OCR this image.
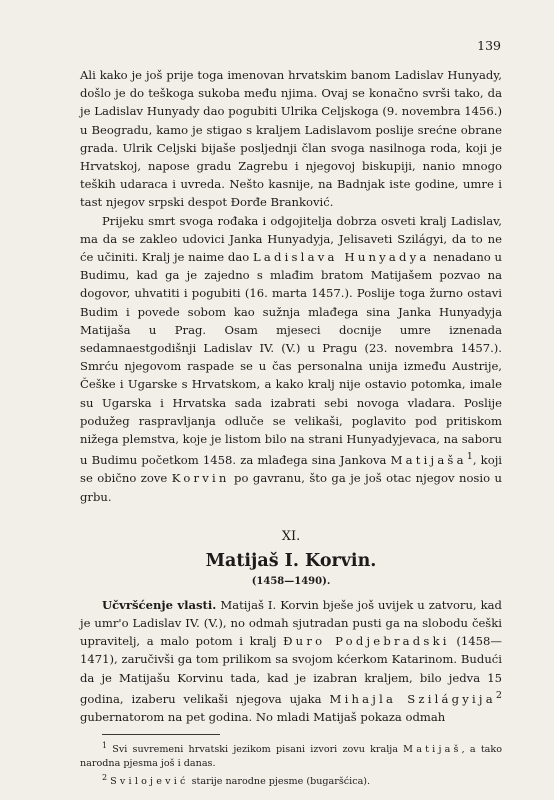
139

Ali kako je još prije toga imenovan hrvatskim banom Ladislav Hunyady, došlo je do teškoga sukoba među njima. Ovaj se konačno svrši tako, da je Ladislav Hunyady dao pogubiti Ulrika Celjskoga (9. novembra 1456.) u Beogradu, kamo je stigao s kraljem Ladislavom poslije srećne obrane grada. Ulrik Celjski bijaše posljednji član svoga nasilnoga roda, koji je Hrvatskoj, napose gradu Zagrebu i njegovoj biskupiji, nanio mnogo teških udaraca i uvreda. Nešto kasnije, na Badnjak iste godine, umre i tast njegov srpski despot Đorđe Branković.

Prijeku smrt svoga rođaka i odgojitelja dobrza osveti kralj Ladislav, ma da se zakleo udovici Janka Hunyadyja, Jelisaveti Szilágyi, da to ne će učiniti. Kralj je naime dao Ladislava Hunyadya nenadano u Budimu, kad ga je zajedno s mlađim bratom Matijašem pozvao na dogovor, uhvatiti i pogubiti (16. marta 1457.). Poslije toga žurno ostavi Budim i povede sobom kao sužnja mlađega sina Janka Hunyadyja Matijaša u Prag. Osam mjeseci docnije umre iznenada sedamnaestgodišnji Ladislav IV. (V.) u Pragu (23. novembra 1457.). Smrću njegovom raspade se u čas personalna unija između Austrije, Češke i Ugarske s Hrvatskom, a kako kralj nije ostavio potomka, imale su Ugarska i Hrvatska sada izabrati sebi novoga vladara. Poslije podužeg raspravljanja odluče se velikaši, poglavito pod pritiskom nižega plemstva, koje je listom bilo na strani Hunyadyjevaca, na saboru u Budimu početkom 1458. za mlađega sina Jankova Matijaša$^1$, koji se obično zove Korvin po gavranu, što ga je još otac njegov nosio u grbu.

XI.
Matijaš I. Korvin.
(1458—1490).

Učvršćenje vlasti. Matijaš I. Korvin bješe još uvijek u zatvoru, kad je umr'o Ladislav IV. (V.), no odmah sjutradan pusti ga na slobodu češki upravitelj, a malo potom i kralj Đuro Podjebradski (1458—1471), zaručivši ga tom prilikom sa svojom kćerkom Katarinom. Budući da je Matijašu Korvinu tada, kad je izabran kraljem, bilo jedva 15 godina, izaberu velikaši njegova ujaka Mihajla Szilágyija$^2$ gubernatorom na pet godina. No mladi Matijaš pokaza odmah

$^1$ Svi suvremeni hrvatski jezikom pisani izvori zovu kralja Matijaš, a tako narodna pjesma još i danas.

$^2$ Svilojević starije narodne pjesme (bugaršćica).
